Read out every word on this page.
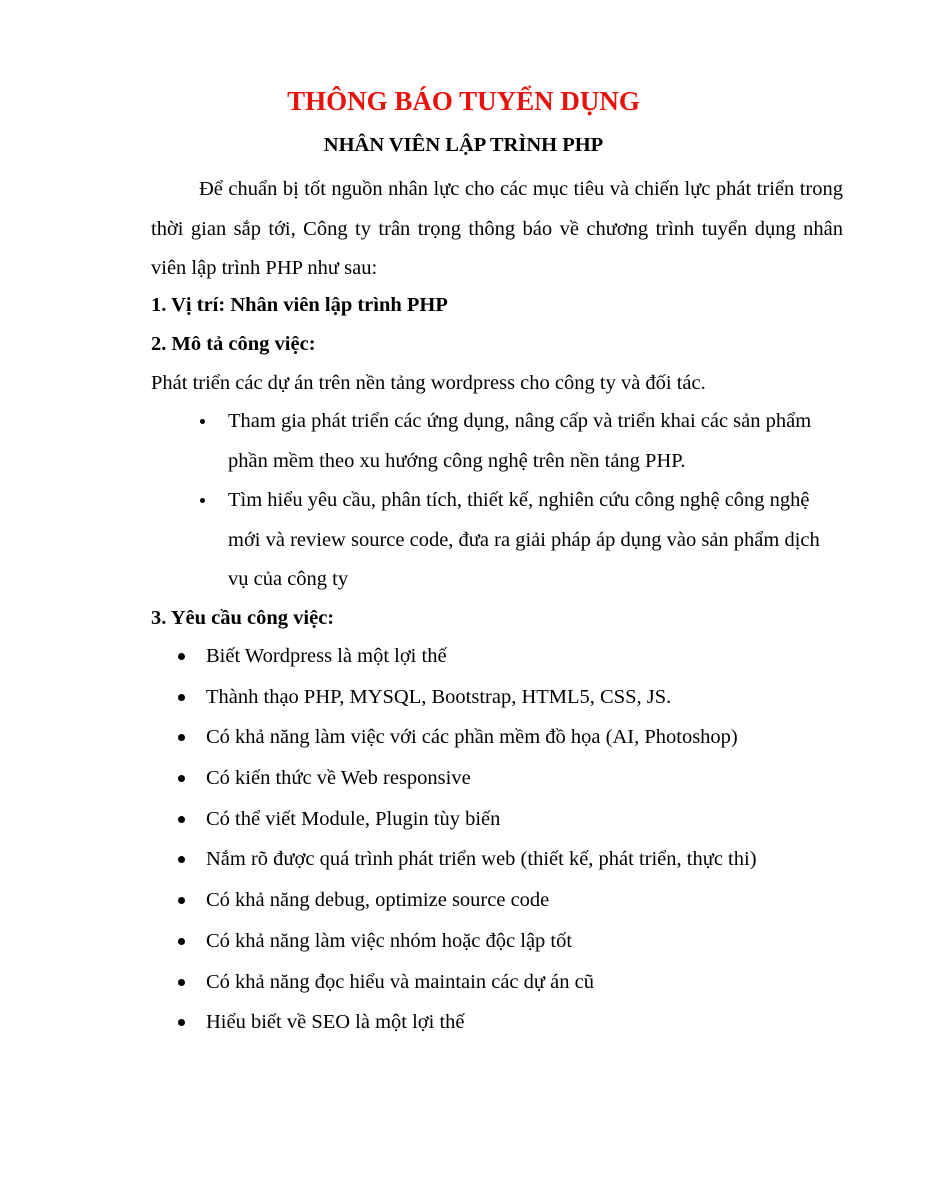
THÔNG BÁO TUYỂN DỤNG
NHÂN VIÊN LẬP TRÌNH PHP

Để chuẩn bị tốt nguồn nhân lực cho các mục tiêu và chiến lực phát triển trong thời gian sắp tới, Công ty trân trọng thông báo về chương trình tuyển dụng nhân viên lập trình PHP như sau:

1. Vị trí: Nhân viên lập trình PHP

2. Mô tả công việc:

Phát triển các dự án trên nền tảng wordpress cho công ty và đối tác.

Tham gia phát triển các ứng dụng, nâng cấp và triển khai các sản phẩm phần mềm theo xu hướng công nghệ trên nền tảng PHP.
Tìm hiểu yêu cầu, phân tích, thiết kế, nghiên cứu công nghệ công nghệ mới và review source code, đưa ra giải pháp áp dụng vào sản phẩm dịch vụ của công ty

3. Yêu cầu công việc:

Biết Wordpress là một lợi thế
Thành thạo PHP, MYSQL, Bootstrap, HTML5, CSS, JS.
Có khả năng làm việc với các phần mềm đồ họa (AI, Photoshop)
Có kiến thức về Web responsive
Có thể viết Module, Plugin tùy biến
Nắm rõ được quá trình phát triển web (thiết kế, phát triển, thực thi)
Có khả năng debug, optimize source code
Có khả năng làm việc nhóm hoặc độc lập tốt
Có khả năng đọc hiểu và maintain các dự án cũ
Hiểu biết về SEO là một lợi thế
